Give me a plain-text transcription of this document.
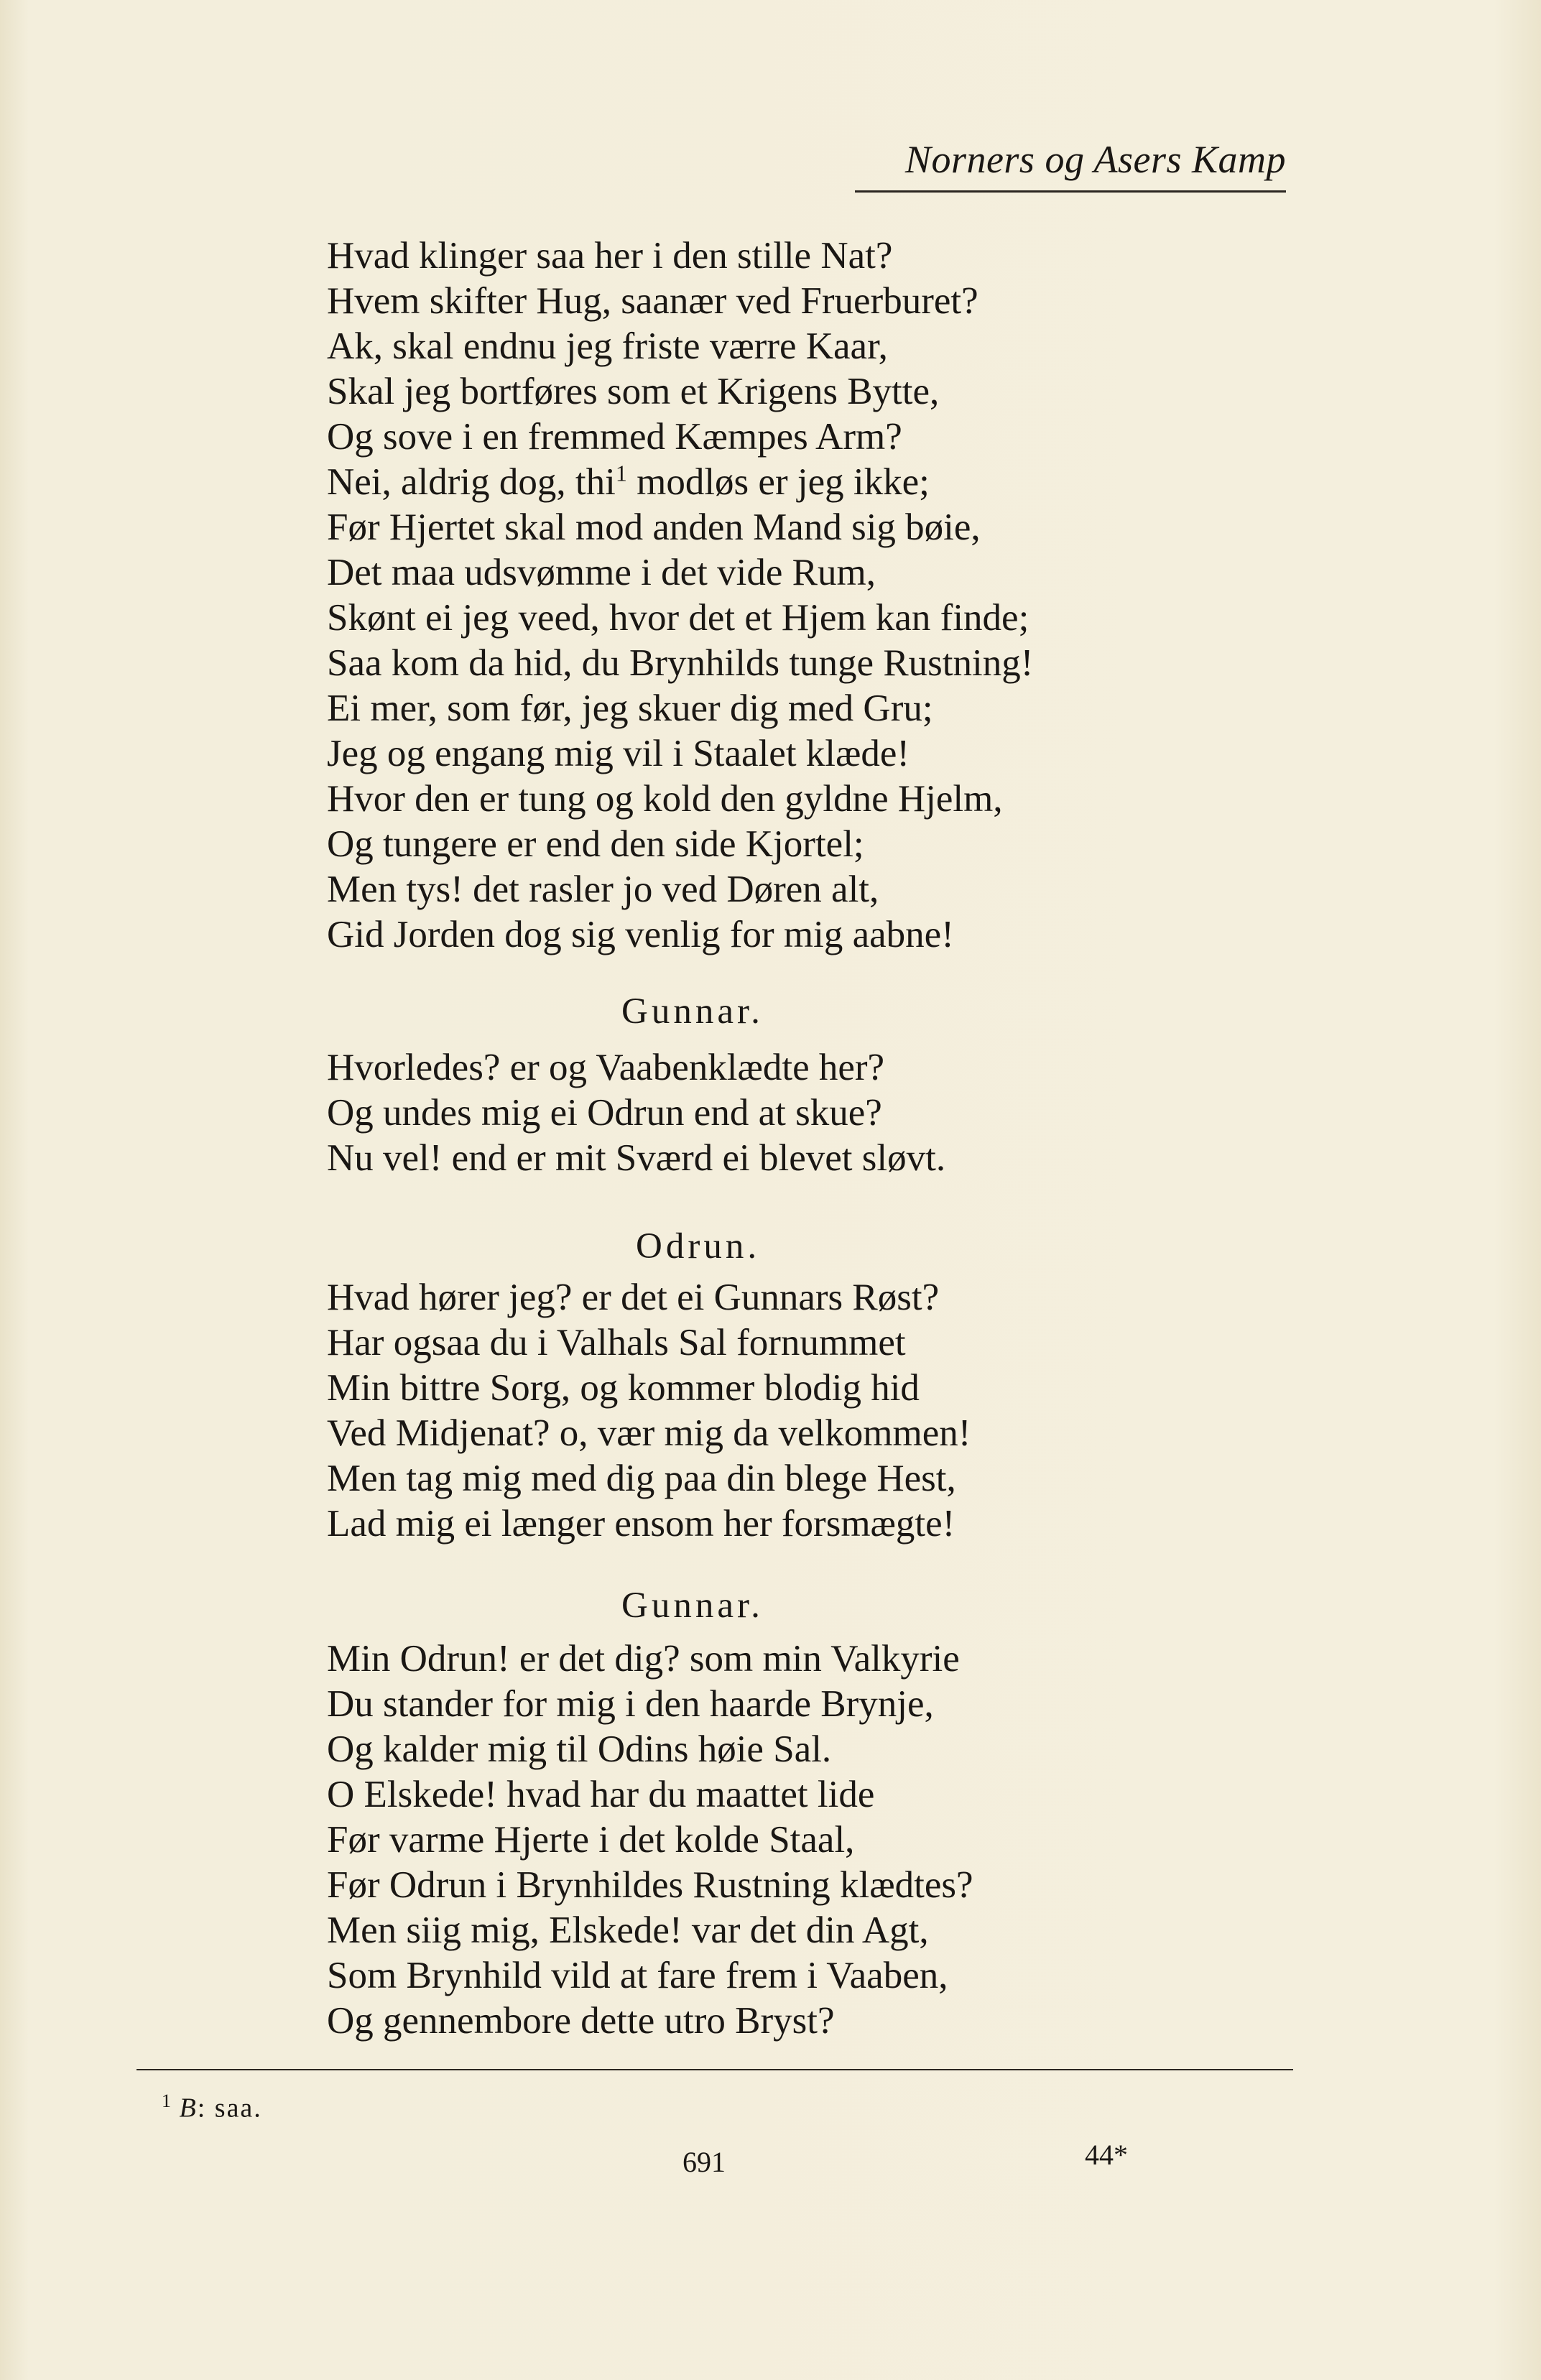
Norners og Asers Kamp
Hvad klinger saa her i den stille Nat?
Hvem skifter Hug, saanær ved Fruerburet?
Ak, skal endnu jeg friste værre Kaar,
Skal jeg bortføres som et Krigens Bytte,
Og sove i en fremmed Kæmpes Arm?
Nei, aldrig dog, thi$^1$ modløs er jeg ikke;
Før Hjertet skal mod anden Mand sig bøie,
Det maa udsvømme i det vide Rum,
Skønt ei jeg veed, hvor det et Hjem kan finde;
Saa kom da hid, du Brynhilds tunge Rustning!
Ei mer, som før, jeg skuer dig med Gru;
Jeg og engang mig vil i Staalet klæde!
Hvor den er tung og kold den gyldne Hjelm,
Og tungere er end den side Kjortel;
Men tys! det rasler jo ved Døren alt,
Gid Jorden dog sig venlig for mig aabne!
Gunnar.
Hvorledes? er og Vaabenklædte her?
Og undes mig ei Odrun end at skue?
Nu vel! end er mit Sværd ei blevet sløvt.
Odrun.
Hvad hører jeg? er det ei Gunnars Røst?
Har ogsaa du i Valhals Sal fornummet
Min bittre Sorg, og kommer blodig hid
Ved Midjenat? o, vær mig da velkommen!
Men tag mig med dig paa din blege Hest,
Lad mig ei længer ensom her forsmægte!
Gunnar.
Min Odrun! er det dig? som min Valkyrie
Du stander for mig i den haarde Brynje,
Og kalder mig til Odins høie Sal.
O Elskede! hvad har du maattet lide
Før varme Hjerte i det kolde Staal,
Før Odrun i Brynhildes Rustning klædtes?
Men siig mig, Elskede! var det din Agt,
Som Brynhild vild at fare frem i Vaaben,
Og gennembore dette utro Bryst?
$^1$ B: saa.
691	44*
